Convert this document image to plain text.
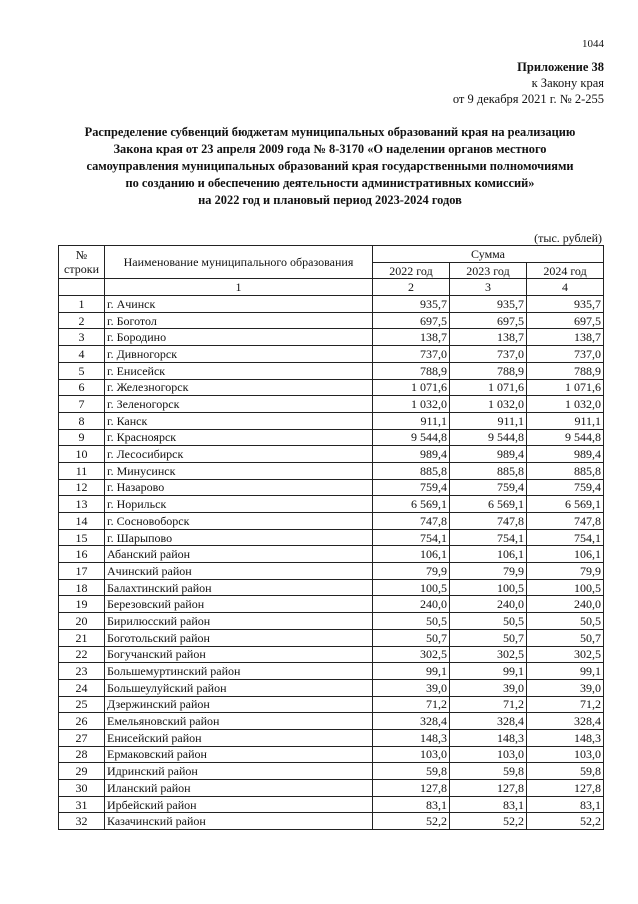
1044
Приложение 38
к Закону края
от 9 декабря 2021 г. № 2-255
Распределение субвенций бюджетам муниципальных образований края на реализацию
Закона края от 23 апреля 2009 года № 8-3170 «О наделении органов местного
самоуправления муниципальных образований края государственными полномочиями
по созданию и обеспечению деятельности административных комиссий»
на 2022 год и плановый период 2023-2024 годов
(тыс. рублей)
№ строки	Наименование муниципального образования	Сумма		
		2022 год	2023 год	2024 год
	1	2	3	4
1	г. Ачинск	935,7	935,7	935,7
2	г. Боготол	697,5	697,5	697,5
3	г. Бородино	138,7	138,7	138,7
4	г. Дивногорск	737,0	737,0	737,0
5	г. Енисейск	788,9	788,9	788,9
6	г. Железногорск	1 071,6	1 071,6	1 071,6
7	г. Зеленогорск	1 032,0	1 032,0	1 032,0
8	г. Канск	911,1	911,1	911,1
9	г. Красноярск	9 544,8	9 544,8	9 544,8
10	г. Лесосибирск	989,4	989,4	989,4
11	г. Минусинск	885,8	885,8	885,8
12	г. Назарово	759,4	759,4	759,4
13	г. Норильск	6 569,1	6 569,1	6 569,1
14	г. Сосновоборск	747,8	747,8	747,8
15	г. Шарыпово	754,1	754,1	754,1
16	Абанский район	106,1	106,1	106,1
17	Ачинский район	79,9	79,9	79,9
18	Балахтинский район	100,5	100,5	100,5
19	Березовский район	240,0	240,0	240,0
20	Бирилюсский район	50,5	50,5	50,5
21	Боготольский район	50,7	50,7	50,7
22	Богучанский район	302,5	302,5	302,5
23	Большемуртинский район	99,1	99,1	99,1
24	Большеулуйский район	39,0	39,0	39,0
25	Дзержинский район	71,2	71,2	71,2
26	Емельяновский район	328,4	328,4	328,4
27	Енисейский район	148,3	148,3	148,3
28	Ермаковский район	103,0	103,0	103,0
29	Идринский район	59,8	59,8	59,8
30	Иланский район	127,8	127,8	127,8
31	Ирбейский район	83,1	83,1	83,1
32	Казачинский район	52,2	52,2	52,2
